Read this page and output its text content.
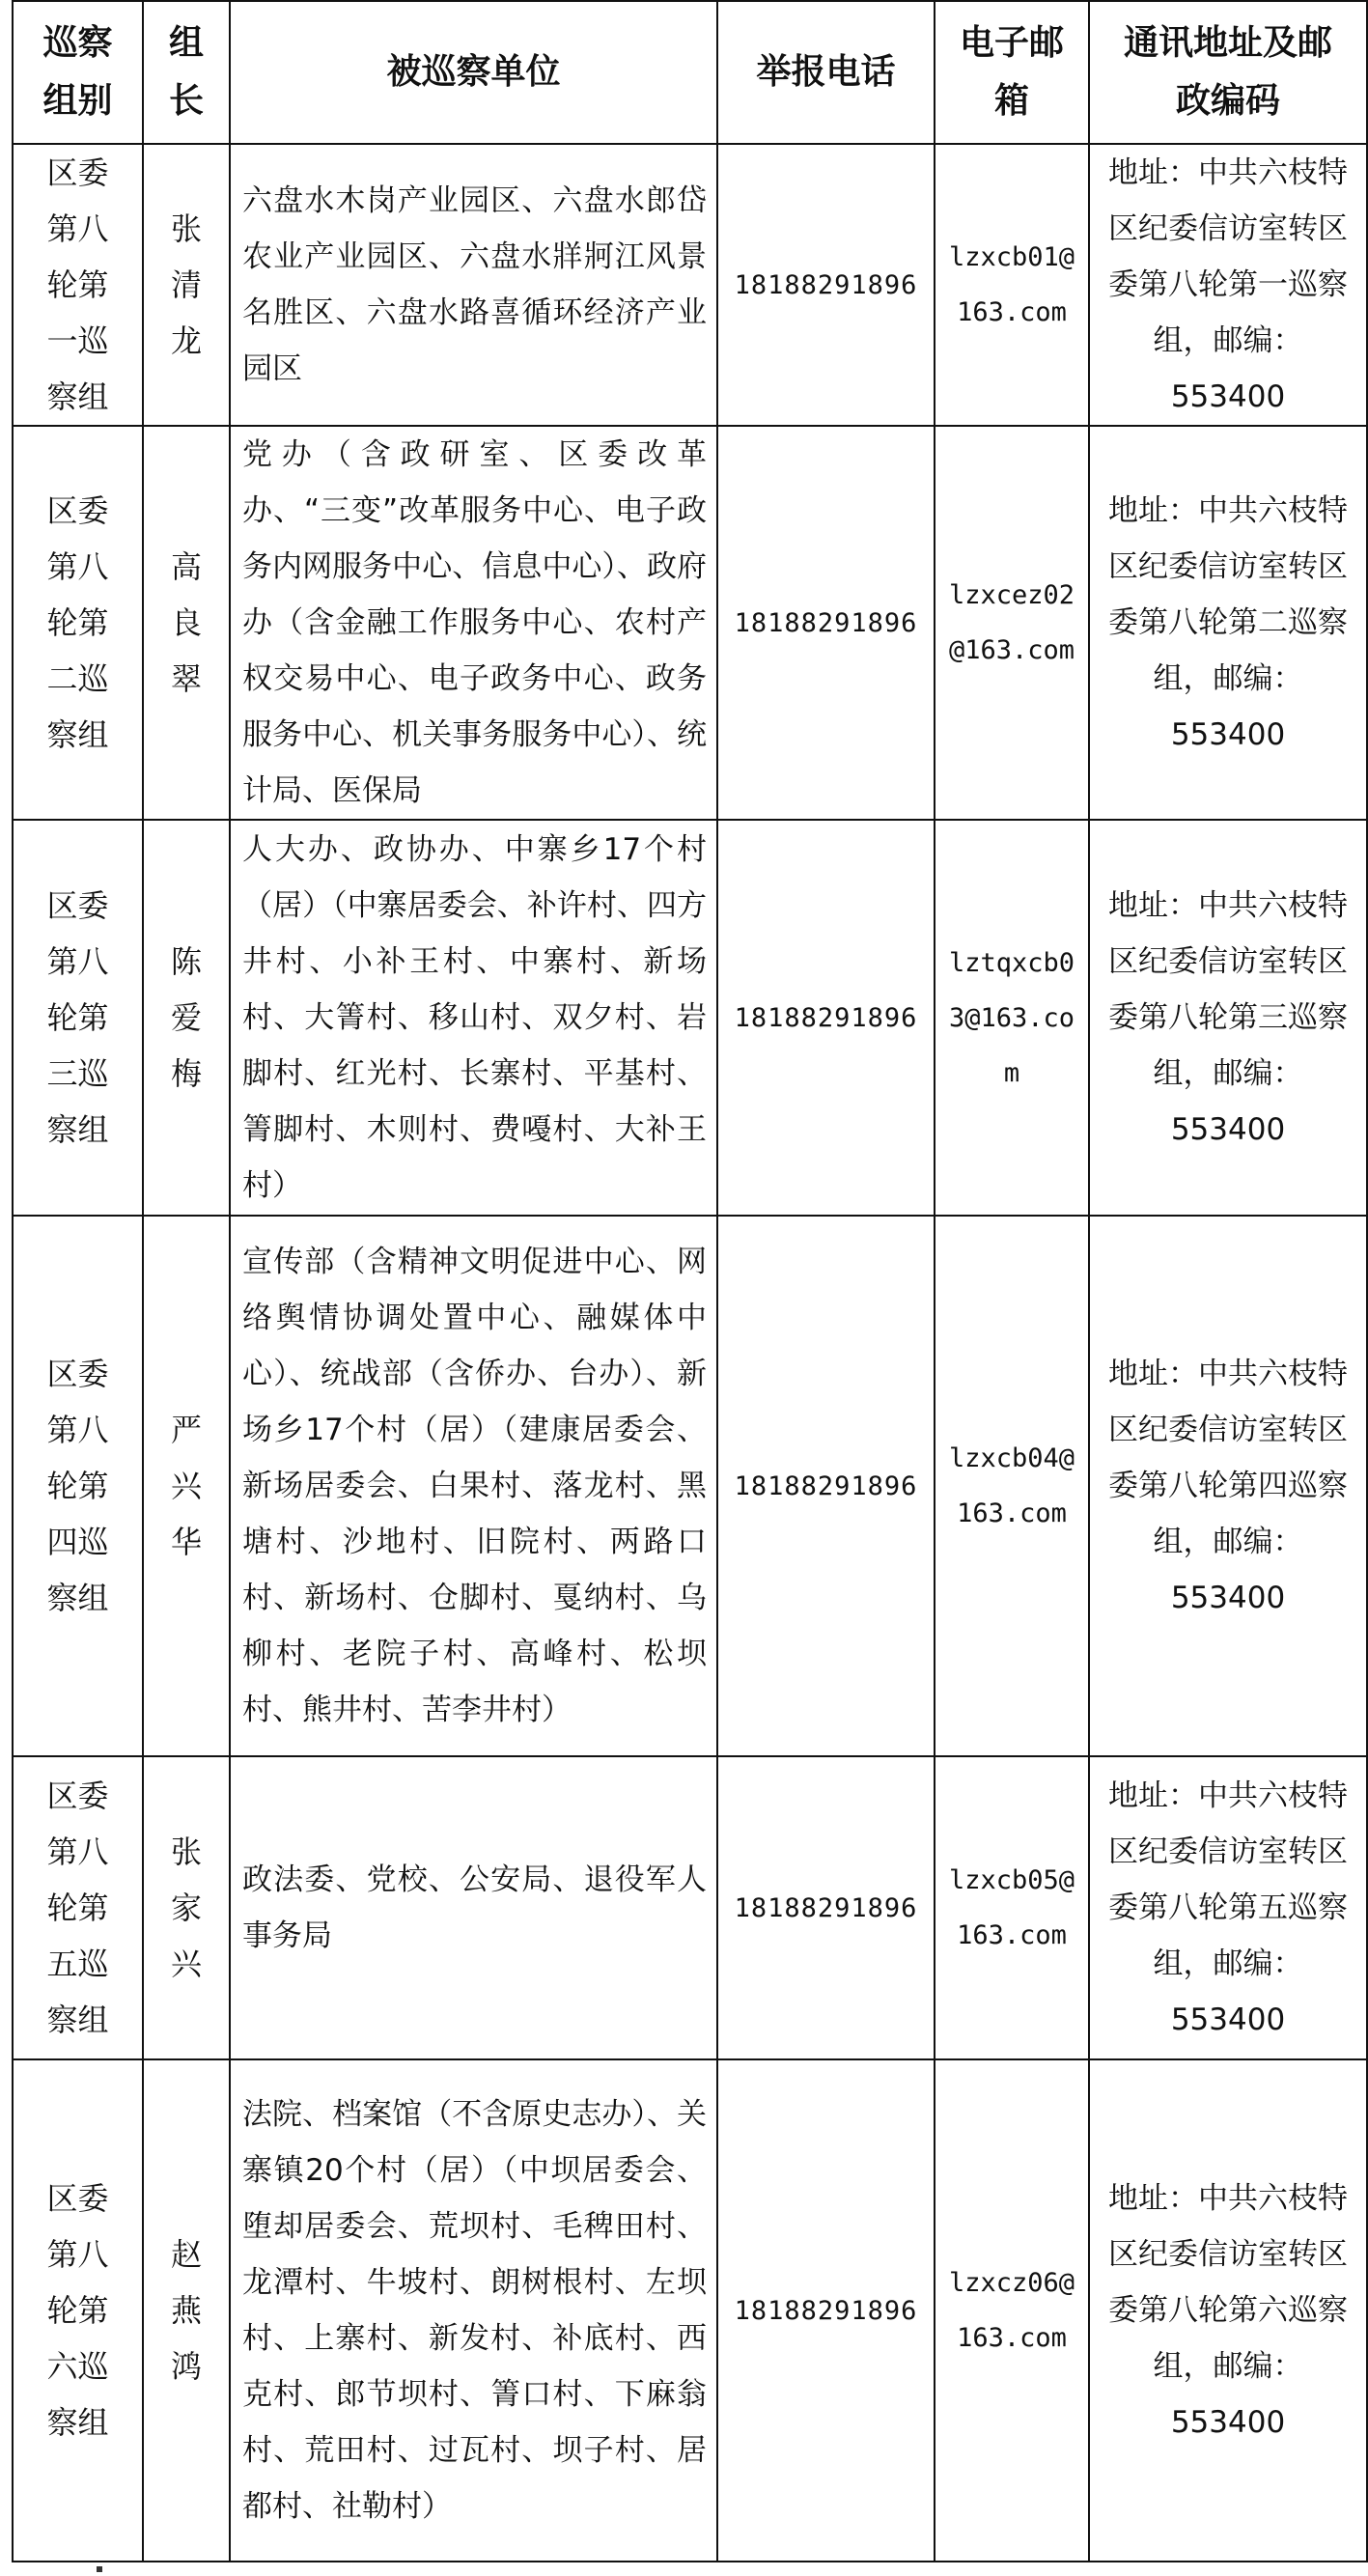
巡察组别	组长	被巡察单位	举报电话	电子邮箱	通讯地址及邮政编码
区委第八轮第一巡察组	张清龙	六盘水木岗产业园区、六盘水郎岱农业产业园区、六盘水牂牁江风景名胜区、六盘水路喜循环经济产业园区	18188291896	lzxcb01@163.com	地址：中共六枝特区纪委信访室转区委第八轮第一巡察组，邮编：553400
区委第八轮第二巡察组	高良翠	党办（含政研室、区委改革办、“三变”改革服务中心、电子政务内网服务中心、信息中心）、政府办（含金融工作服务中心、农村产权交易中心、电子政务中心、政务服务中心、机关事务服务中心）、统计局、医保局	18188291896	lzxcez02@163.com	地址：中共六枝特区纪委信访室转区委第八轮第二巡察组，邮编：553400
区委第八轮第三巡察组	陈爱梅	人大办、政协办、中寨乡17个村（居）（中寨居委会、补许村、四方井村、小补王村、中寨村、新场村、大箐村、移山村、双夕村、岩脚村、红光村、长寨村、平基村、箐脚村、木则村、费嘠村、大补王村）	18188291896	lztqxcb03@163.com	地址：中共六枝特区纪委信访室转区委第八轮第三巡察组，邮编：553400
区委第八轮第四巡察组	严兴华	宣传部（含精神文明促进中心、网络舆情协调处置中心、融媒体中心）、统战部（含侨办、台办）、新场乡17个村（居）（建康居委会、新场居委会、白果村、落龙村、黑塘村、沙地村、旧院村、两路口村、新场村、仓脚村、戛纳村、乌柳村、老院子村、高峰村、松坝村、熊井村、苦李井村）	18188291896	lzxcb04@163.com	地址：中共六枝特区纪委信访室转区委第八轮第四巡察组，邮编：553400
区委第八轮第五巡察组	张家兴	政法委、党校、公安局、退役军人事务局	18188291896	lzxcb05@163.com	地址：中共六枝特区纪委信访室转区委第八轮第五巡察组，邮编：553400
区委第八轮第六巡察组	赵燕鸿	法院、档案馆（不含原史志办）、关寨镇20个村（居）（中坝居委会、堕却居委会、荒坝村、毛稗田村、龙潭村、牛坡村、朗树根村、左坝村、上寨村、新发村、补底村、西克村、郎节坝村、箐口村、下麻翁村、荒田村、过瓦村、坝子村、居都村、社勒村）	18188291896	lzxcz06@163.com	地址：中共六枝特区纪委信访室转区委第八轮第六巡察组，邮编：553400
